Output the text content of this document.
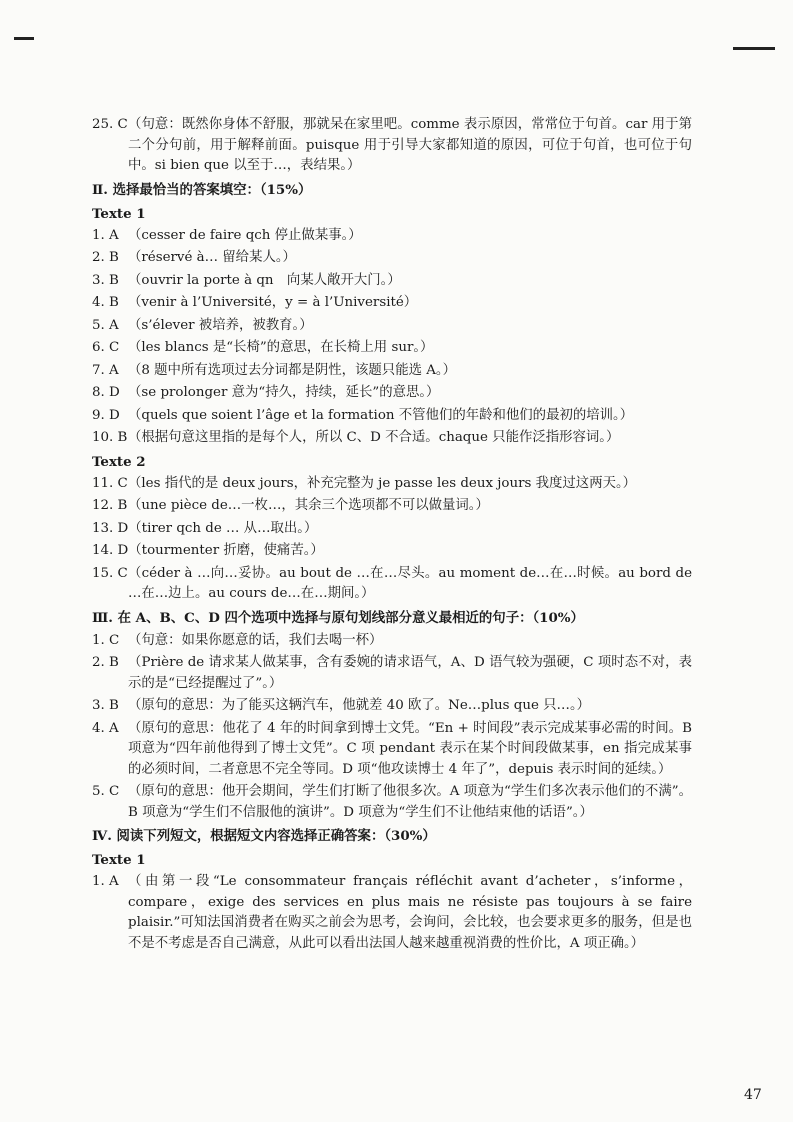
25. C （句意：既然你身体不舒服，那就呆在家里吧。comme 表示原因，常常位于句首。car 用于第二个分句前，用于解释前面。puisque 用于引导大家都知道的原因，可位于句首，也可位于句中。si bien que 以至于…，表结果。）
Ⅱ. 选择最恰当的答案填空：（15%）
Texte 1
1. A （cesser de faire qch 停止做某事。）
2. B （réservé à… 留给某人。）
3. B （ouvrir la porte à qn　向某人敞开大门。）
4. B （venir à l’Université，y = à l’Université）
5. A （s’élever 被培养，被教育。）
6. C （les blancs 是“长椅”的意思，在长椅上用 sur。）
7. A （8 题中所有选项过去分词都是阴性，该题只能选 A。）
8. D （se prolonger 意为“持久，持续，延长”的意思。）
9. D （quels que soient l’âge et la formation 不管他们的年龄和他们的最初的培训。）
10. B （根据句意这里指的是每个人，所以 C、D 不合适。chaque 只能作泛指形容词。）
Texte 2
11. C （les 指代的是 deux jours，补充完整为 je passe les deux jours 我度过这两天。）
12. B （une pièce de…一枚…，其余三个选项都不可以做量词。）
13. D （tirer qch de … 从…取出。）
14. D （tourmenter 折磨，使痛苦。）
15. C （céder à …向…妥协。au bout de …在…尽头。au moment de…在…时候。au bord de …在…边上。au cours de…在…期间。）
Ⅲ. 在 A、B、C、D 四个选项中选择与原句划线部分意义最相近的句子：（10%）
1. C （句意：如果你愿意的话，我们去喝一杯）
2. B （Prière de 请求某人做某事，含有委婉的请求语气，A、D 语气较为强硬，C 项时态不对，表示的是“已经提醒过了”。）
3. B （原句的意思：为了能买这辆汽车，他就差 40 欧了。Ne…plus que 只…。）
4. A （原句的意思：他花了 4 年的时间拿到博士文凭。“En + 时间段”表示完成某事必需的时间。B 项意为“四年前他得到了博士文凭”。C 项 pendant 表示在某个时间段做某事，en 指完成某事的必须时间，二者意思不完全等同。D 项“他攻读博士 4 年了”，depuis 表示时间的延续。）
5. C （原句的意思：他开会期间，学生们打断了他很多次。A 项意为“学生们多次表示他们的不满”。B 项意为“学生们不信服他的演讲”。D 项意为“学生们不让他结束他的话语”。）
Ⅳ. 阅读下列短文，根据短文内容选择正确答案：（30%）
Texte 1
1. A （由第一段“Le consommateur français réfléchit avant d’acheter，s’informe，compare，exige des services en plus mais ne résiste pas toujours à se faire plaisir.”可知法国消费者在购买之前会为思考，会询问，会比较，也会要求更多的服务，但是也不是不考虑是否自己满意，从此可以看出法国人越来越重视消费的性价比，A 项正确。）
47
